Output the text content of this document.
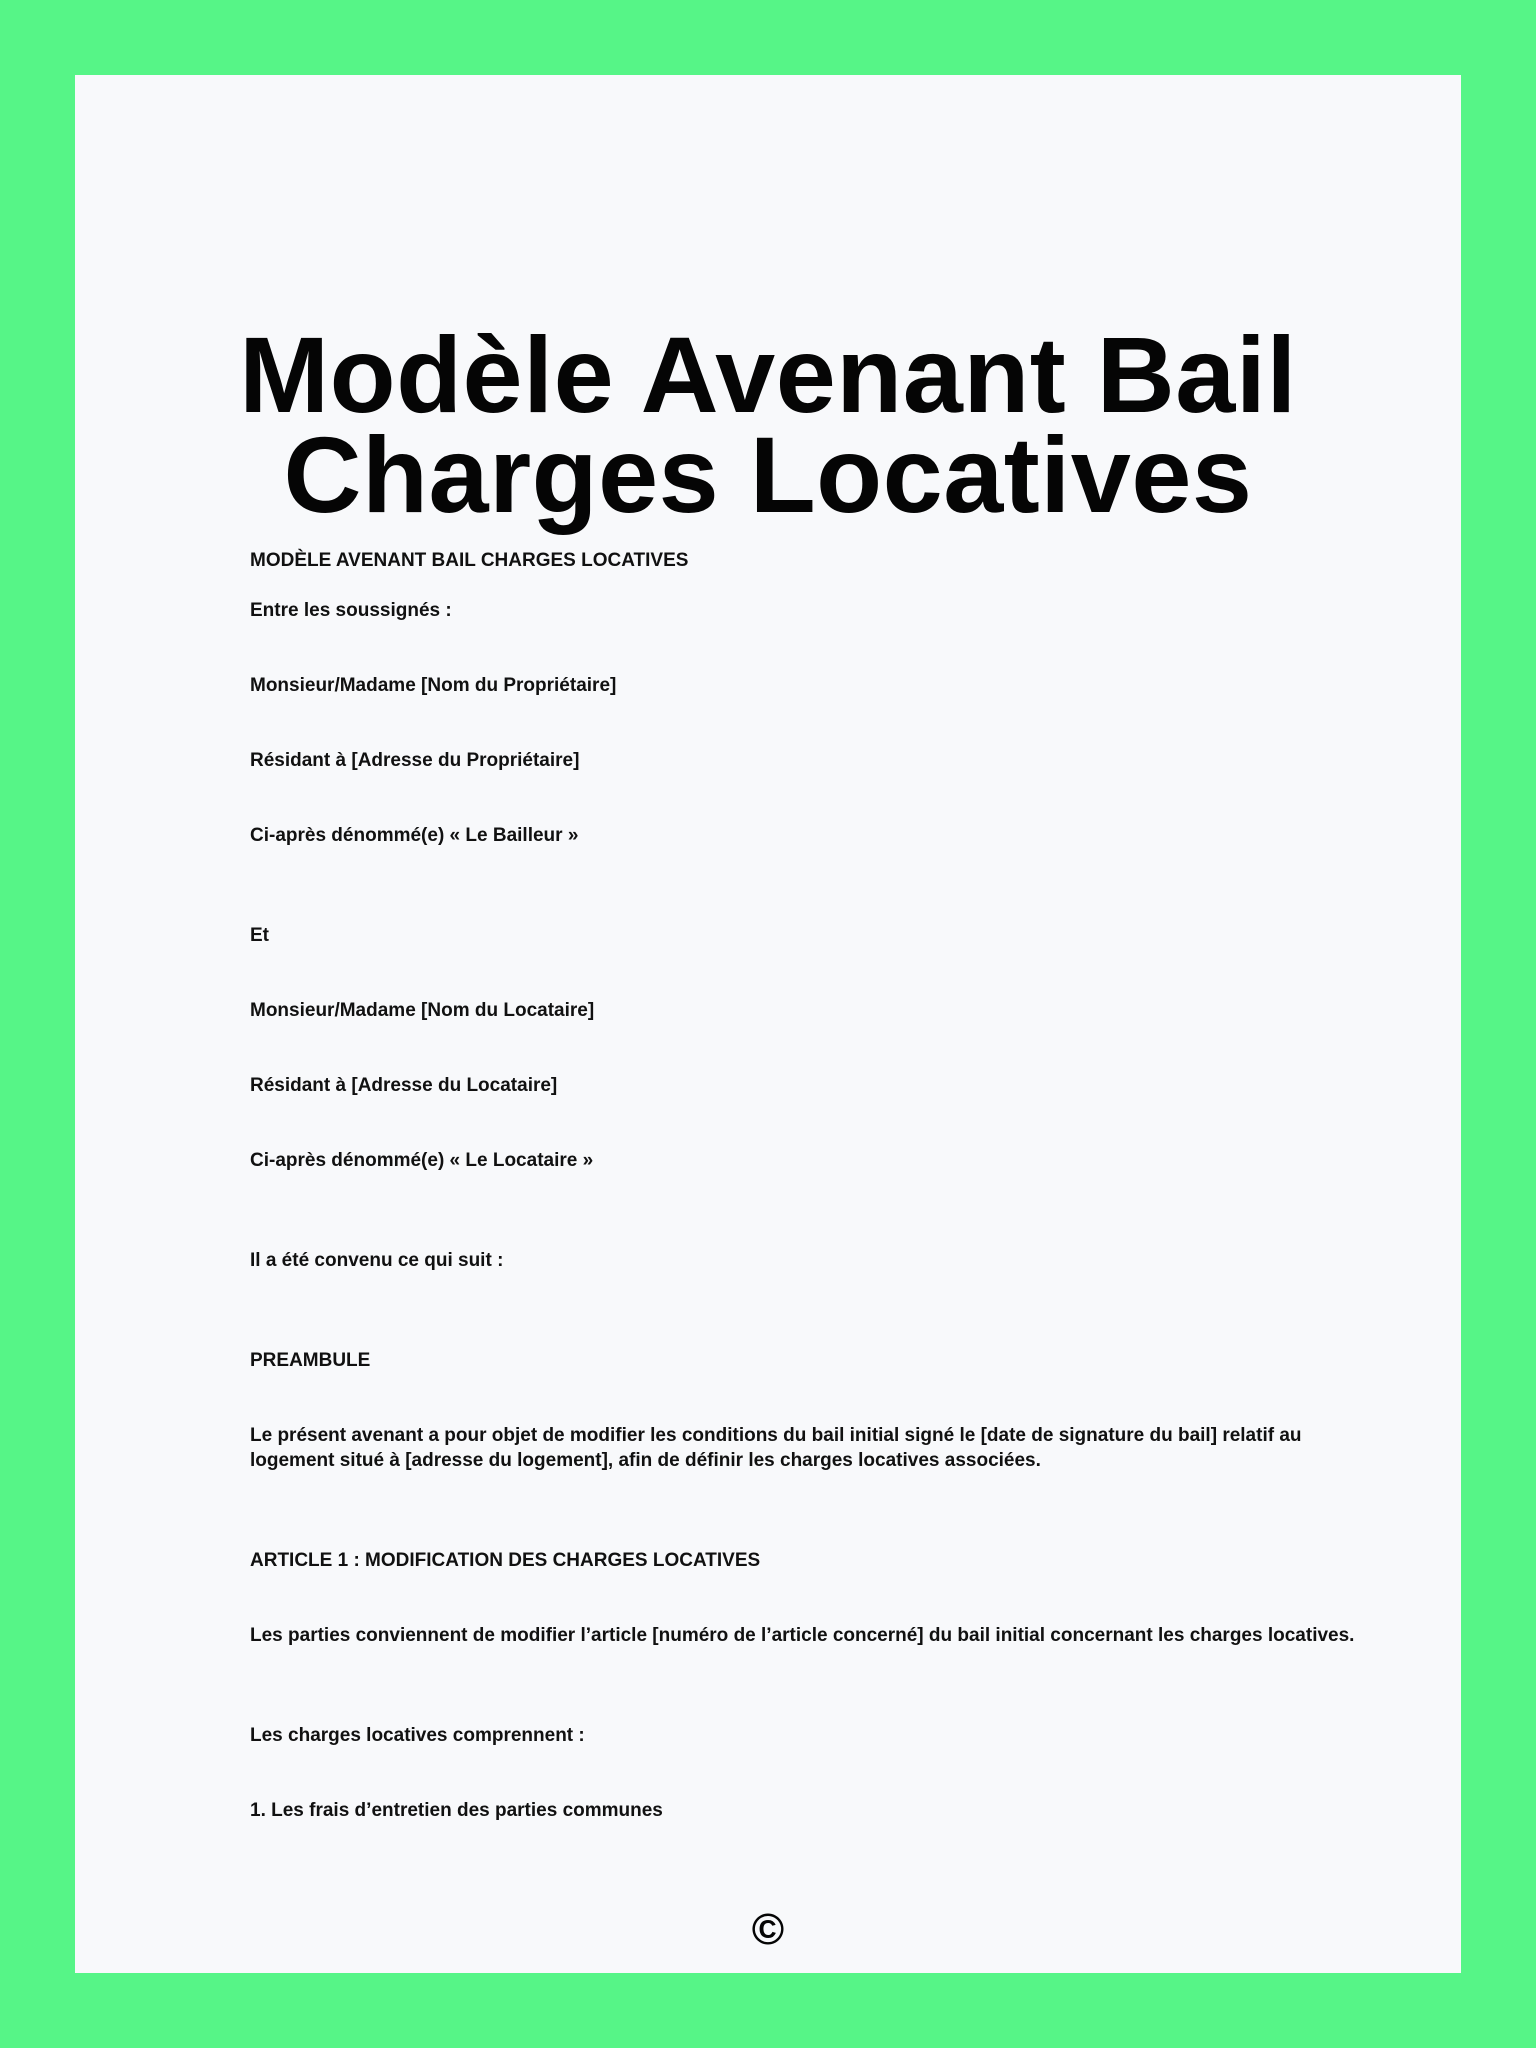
Modèle Avenant Bail
Charges Locatives

MODÈLE AVENANT BAIL CHARGES LOCATIVES

Entre les soussignés :

Monsieur/Madame [Nom du Propriétaire]

Résidant à [Adresse du Propriétaire]

Ci-après dénommé(e) « Le Bailleur »

Et

Monsieur/Madame [Nom du Locataire]

Résidant à [Adresse du Locataire]

Ci-après dénommé(e) « Le Locataire »

Il a été convenu ce qui suit :

PREAMBULE

Le présent avenant a pour objet de modifier les conditions du bail initial signé le [date de signature du bail] relatif au logement situé à [adresse du logement], afin de définir les charges locatives associées.

ARTICLE 1 : MODIFICATION DES CHARGES LOCATIVES

Les parties conviennent de modifier l’article [numéro de l’article concerné] du bail initial concernant les charges locatives.

Les charges locatives comprennent :

1. Les frais d’entretien des parties communes

©
